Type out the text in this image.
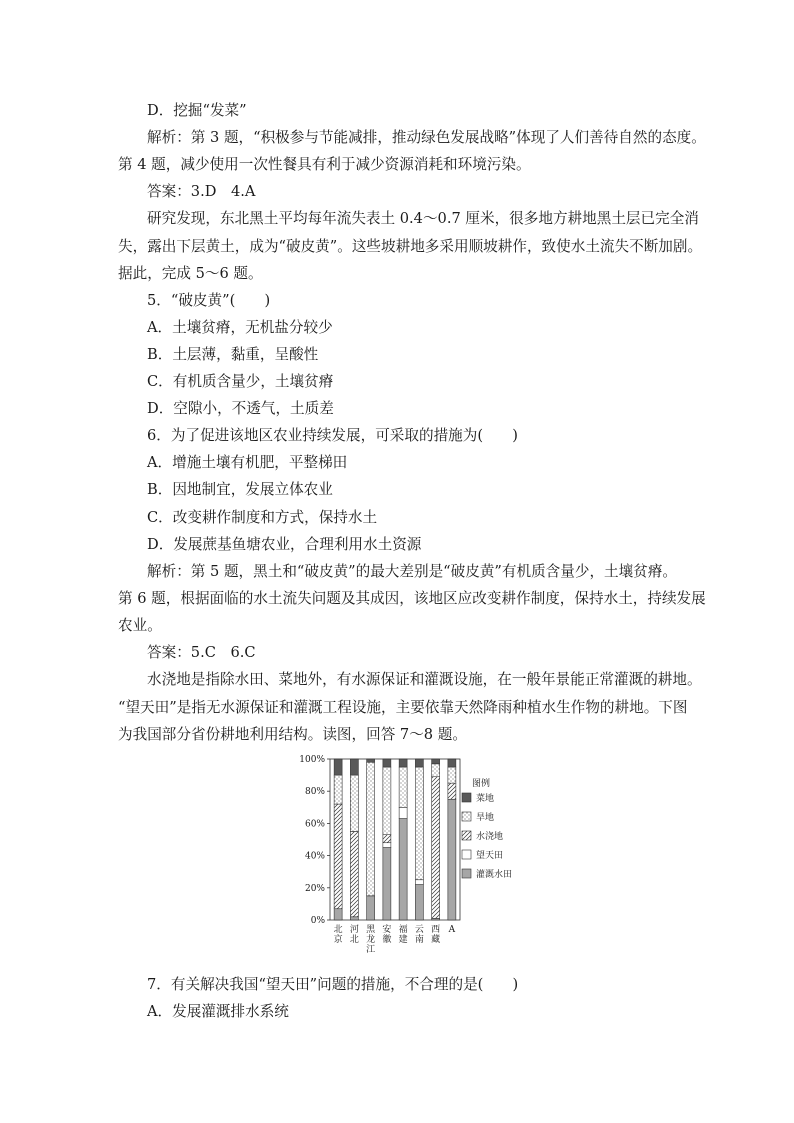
D．挖掘“发菜”
解析：第 3 题，“积极参与节能减排，推动绿色发展战略”体现了人们善待自然的态度。
第 4 题，减少使用一次性餐具有利于减少资源消耗和环境污染。
答案：3.D　4.A
研究发现，东北黑土平均每年流失表土 0.4～0.7 厘米，很多地方耕地黑土层已完全消
失，露出下层黄土，成为“破皮黄”。这些坡耕地多采用顺坡耕作，致使水土流失不断加剧。
据此，完成 5～6 题。
5．“破皮黄”(　　)
A．土壤贫瘠，无机盐分较少
B．土层薄，黏重，呈酸性
C．有机质含量少，土壤贫瘠
D．空隙小，不透气，土质差
6．为了促进该地区农业持续发展，可采取的措施为(　　)
A．增施土壤有机肥，平整梯田
B．因地制宜，发展立体农业
C．改变耕作制度和方式，保持水土
D．发展蔗基鱼塘农业，合理利用水土资源
解析：第 5 题，黑土和“破皮黄”的最大差别是“破皮黄”有机质含量少，土壤贫瘠。
第 6 题，根据面临的水土流失问题及其成因，该地区应改变耕作制度，保持水土，持续发展
农业。
答案：5.C　6.C
水浇地是指除水田、菜地外，有水源保证和灌溉设施，在一般年景能正常灌溉的耕地。
“望天田”是指无水源保证和灌溉工程设施，主要依靠天然降雨种植水生作物的耕地。下图
为我国部分省份耕地利用结构。读图，回答 7～8 题。
7．有关解决我国“望天田”问题的措施，不合理的是(　　)
A．发展灌溉排水系统
0%
20%
40%
60%
80%
100%
北京
河北
黑龙江
安徽
福建
云南
西藏
A
图例
菜地
旱地
水浇地
望天田
灌溉水田
